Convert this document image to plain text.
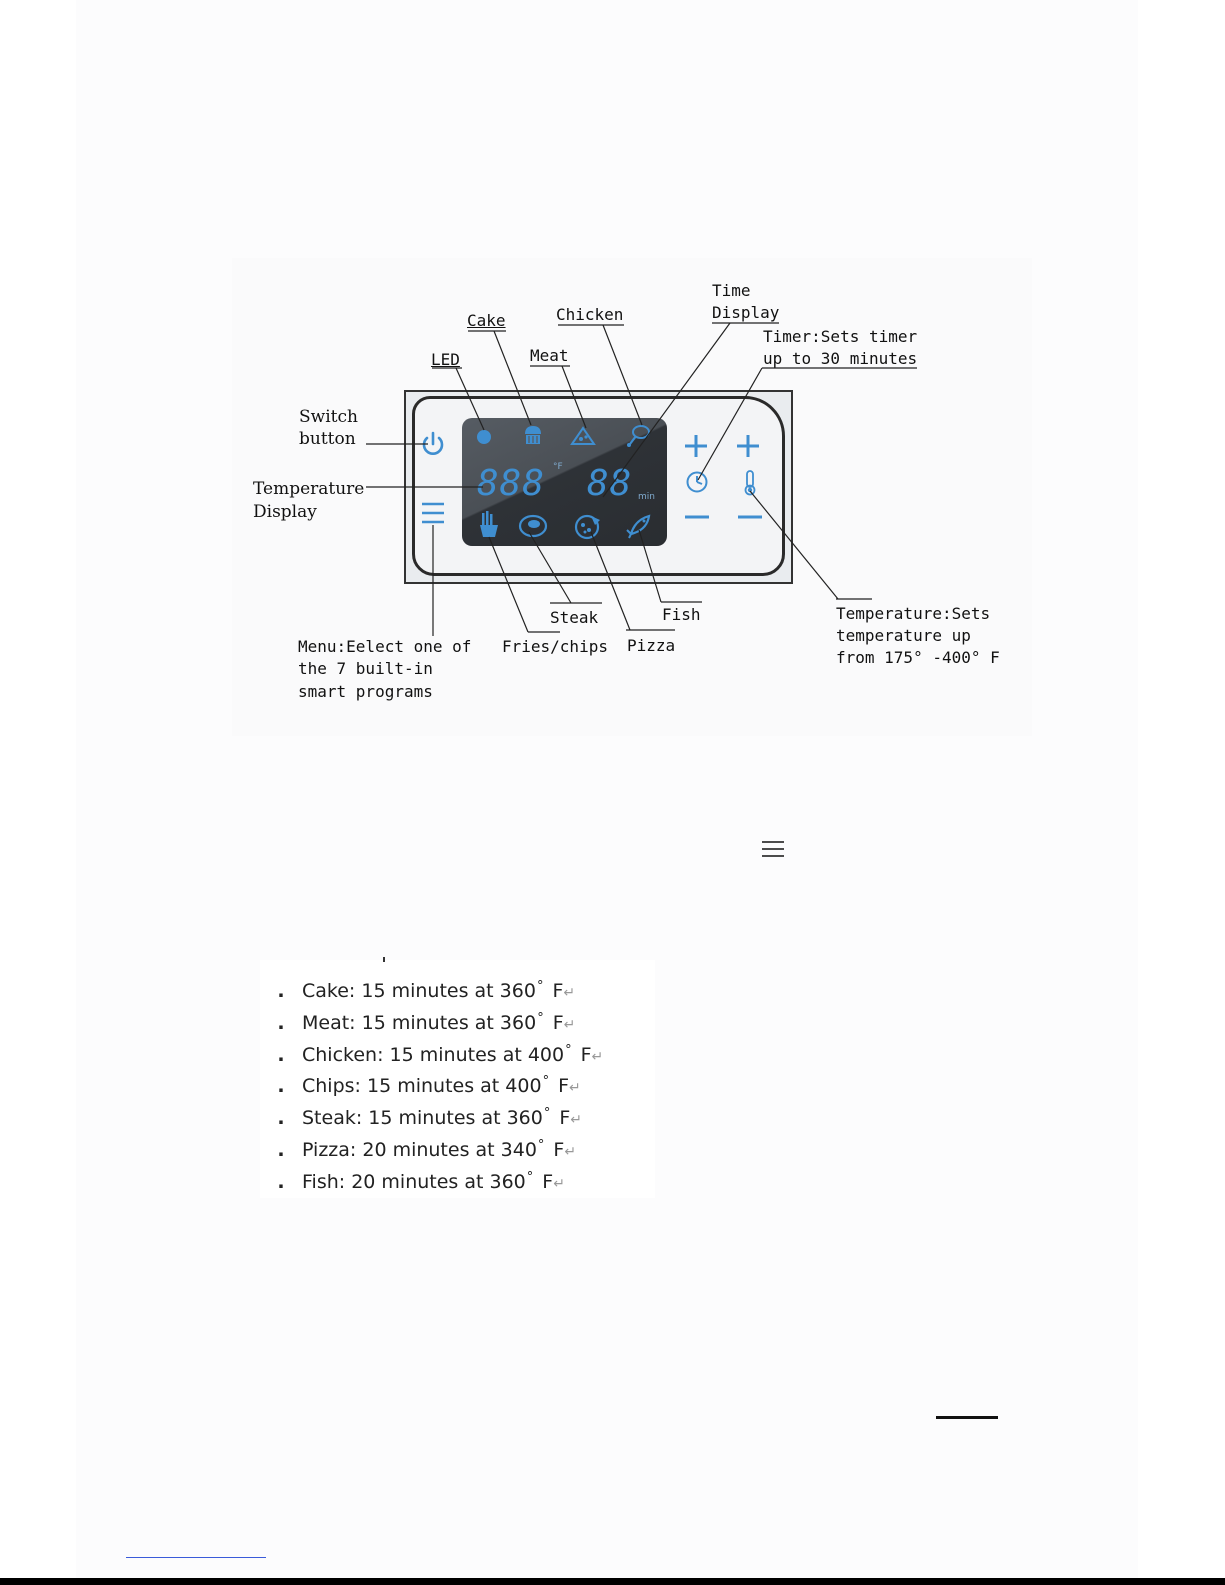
888 °F 88 min
LED
Cake
Meat
Chicken
Time
Display
Timer:Sets timer
up to 30 minutes
Switch
button
Temperature
Display
Menu:Eelect one of
the 7 built-in
smart programs
Fries/chips
Steak
Pizza
Fish	Temperature:Sets
temperature up
from 175° -400° F
. Cake: 15 minutes at 360° F↵
. Meat: 15 minutes at 360° F↵
. Chicken: 15 minutes at 400° F↵
. Chips: 15 minutes at 400° F↵
. Steak: 15 minutes at 360° F↵
. Pizza: 20 minutes at 340° F↵
. Fish: 20 minutes at 360° F↵
